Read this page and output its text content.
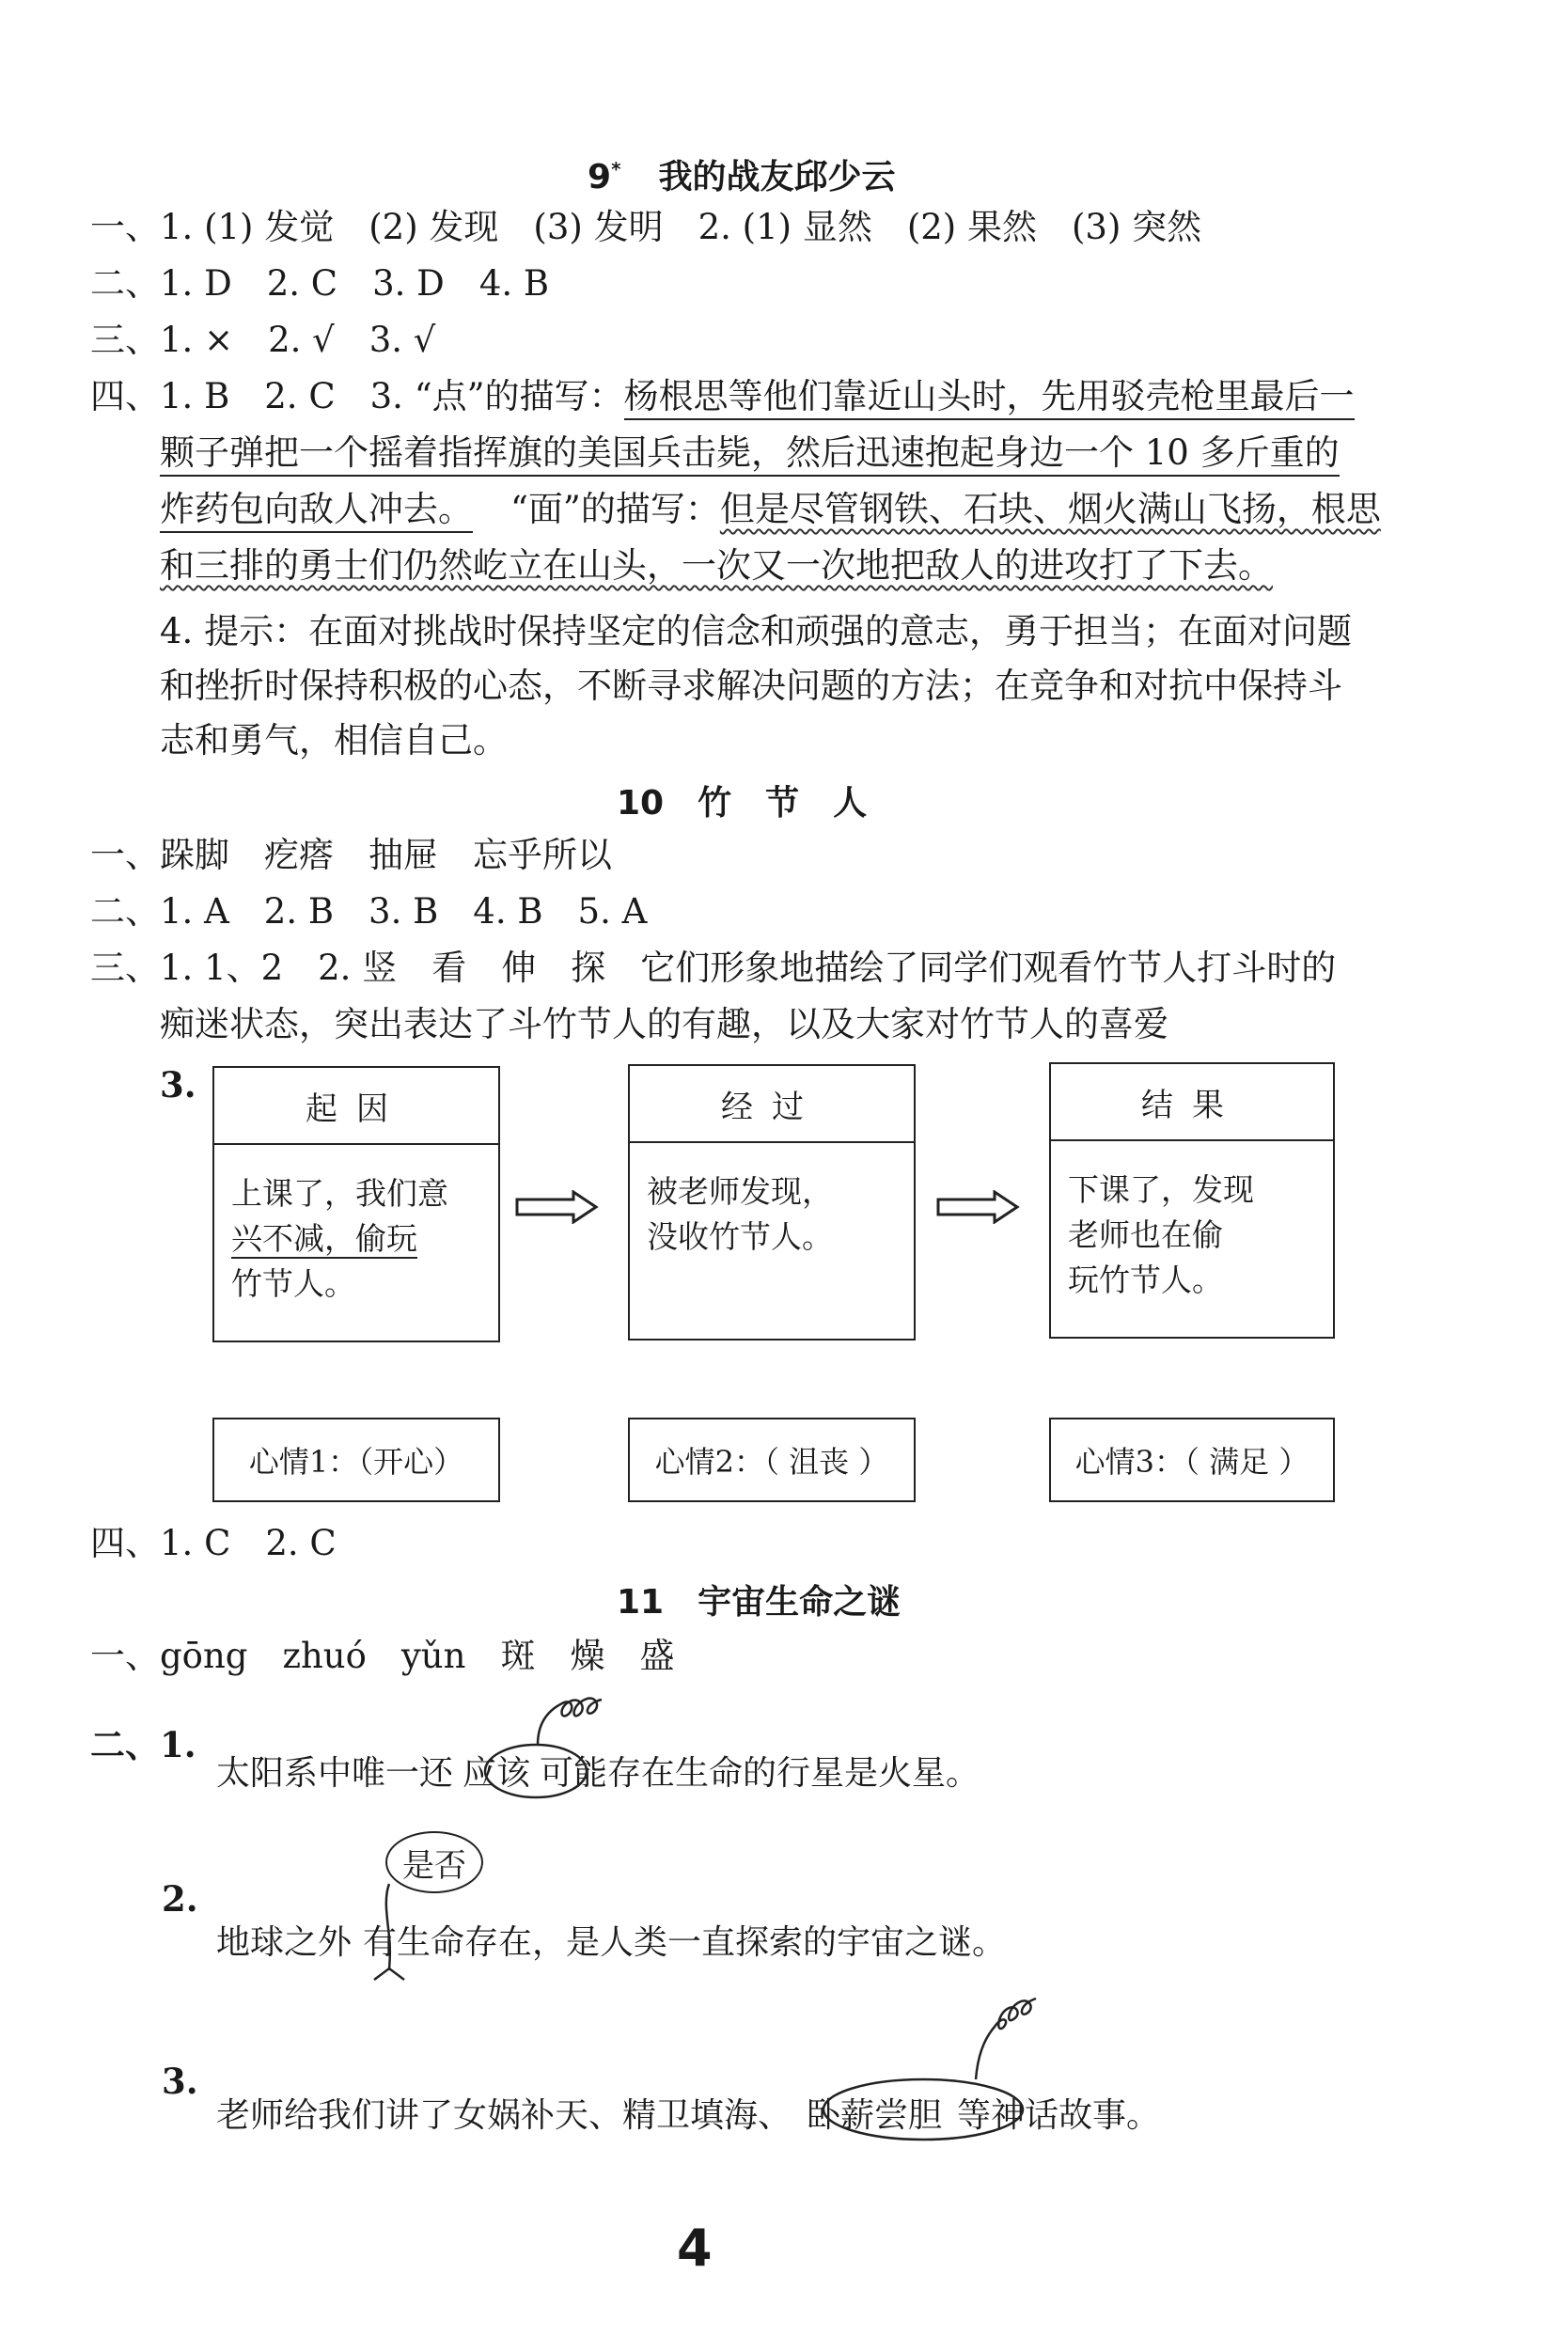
9* 我的战友邱少云
一、1. (1) 发觉　(2) 发现　(3) 发明　2. (1) 显然　(2) 果然　(3) 突然
二、1. D　2. C　3. D　4. B
三、1. ×　2. √　3. √
四、1. B　2. C　3. “点”的描写：杨根思等他们靠近山头时，先用驳壳枪里最后一
颗子弹把一个摇着指挥旗的美国兵击毙，然后迅速抱起身边一个 10 多斤重的
炸药包向敌人冲去。 “面”的描写：但是尽管钢铁、石块、烟火满山飞扬，根思
和三排的勇士们仍然屹立在山头，一次又一次地把敌人的进攻打了下去。
4. 提示：在面对挑战时保持坚定的信念和顽强的意志，勇于担当；在面对问题
和挫折时保持积极的心态，不断寻求解决问题的方法；在竞争和对抗中保持斗
志和勇气，相信自己。
10　竹　节　人
一、跺脚　疙瘩　抽屉　忘乎所以
二、1. A　2. B　3. B　4. B　5. A
三、1. 1、2　2. 竖　看　伸　探　它们形象地描绘了同学们观看竹节人打斗时的
痴迷状态，突出表达了斗竹节人的有趣，以及大家对竹节人的喜爱
3.
起因
上课了，我们意
兴不减，偷玩
竹节人。
经过
被老师发现，
没收竹节人。
结果
下课了，发现
老师也在偷
玩竹节人。
心情1：（开心）	心情2：（ 沮丧 ）	心情3：（ 满足 ）
四、1. C　2. C
11　宇宙生命之谜
一、gōng　zhuó　yǔn　斑　燥　盛
二、1.
太阳系中唯一还 应该 可能存在生命的行星是火星。
2.
地球之外 有生命存在，是人类一直探索的宇宙之谜。
是否
3.
老师给我们讲了女娲补天、精卫填海、 卧薪尝胆 等神话故事。
4
